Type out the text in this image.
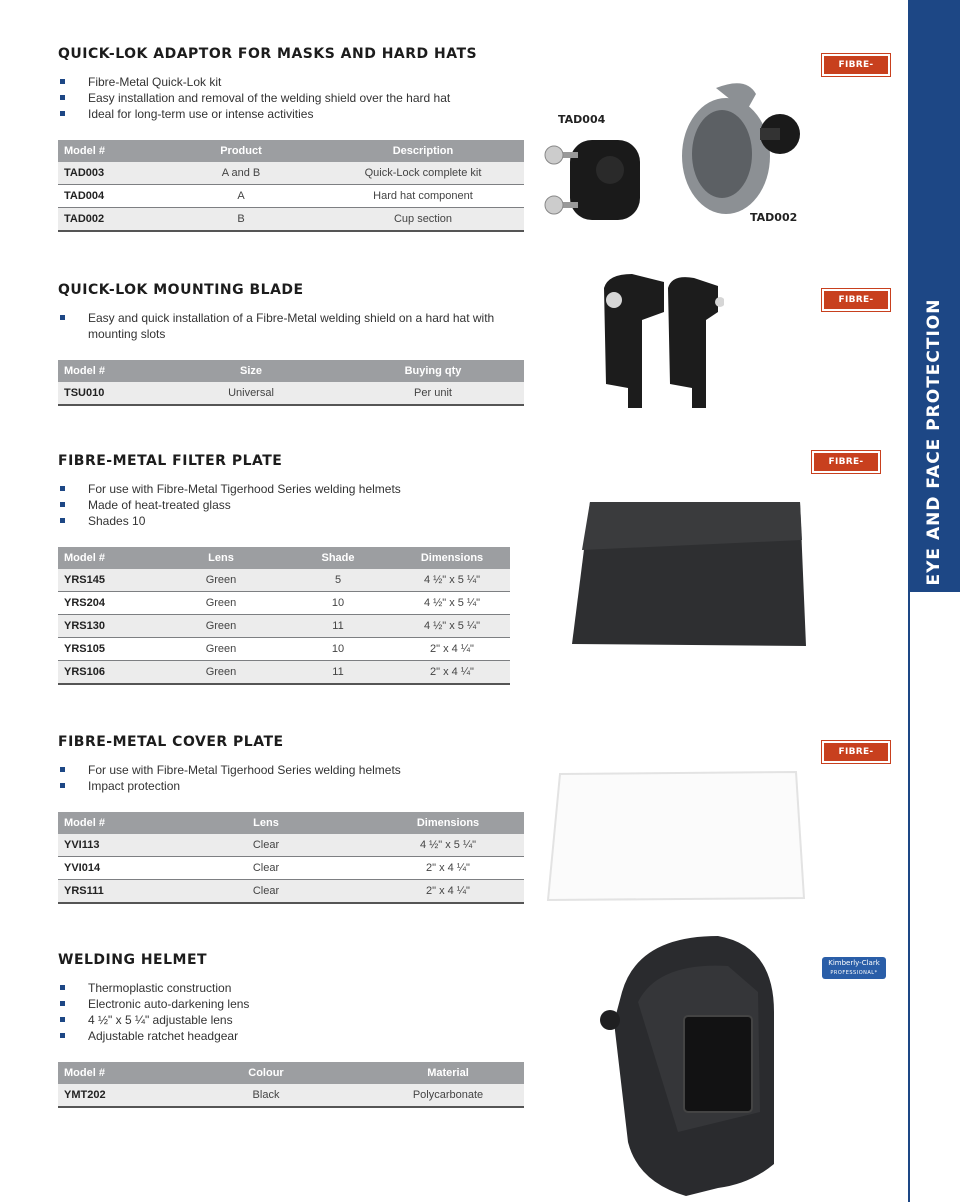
EYE AND FACE PROTECTION
QUICK-LOK ADAPTOR FOR MASKS AND HARD HATS
Fibre-Metal Quick-Lok kit
Easy installation and removal of the welding shield over the hard hat
Ideal for long-term use or intense activities
Model #	Product	Description
TAD003	A and B	Quick-Lock complete kit
TAD004	A	Hard hat component
TAD002	B	Cup section
QUICK-LOK MOUNTING BLADE
Easy and quick installation of a Fibre-Metal welding shield on a hard hat with mounting slots
Model #	Size	Buying qty
TSU010	Universal	Per unit
FIBRE-METAL FILTER PLATE
For use with Fibre-Metal Tigerhood Series welding helmets
Made of heat-treated glass
Shades 10
Model #	Lens	Shade	Dimensions
YRS145	Green	5	4 ½" x 5 ¼"
YRS204	Green	10	4 ½" x 5 ¼"
YRS130	Green	11	4 ½" x 5 ¼"
YRS105	Green	10	2" x 4 ¼"
YRS106	Green	11	2" x 4 ¼"
FIBRE-METAL COVER PLATE
For use with Fibre-Metal Tigerhood Series welding helmets
Impact protection
Model #	Lens	Dimensions
YVI113	Clear	4 ½" x 5 ¼"
YVI014	Clear	2" x 4 ¼"
YRS111	Clear	2" x 4 ¼"
WELDING HELMET
Thermoplastic construction
Electronic auto-darkening lens
4 ½" x 5 ¼" adjustable lens
Adjustable ratchet headgear
Model #	Colour	Material
YMT202	Black	Polycarbonate
FIBRE-METAL
FIBRE-METAL
FIBRE-METAL
FIBRE-METAL
Kimberly-Clark
PROFESSIONAL*
TAD004
TAD002
